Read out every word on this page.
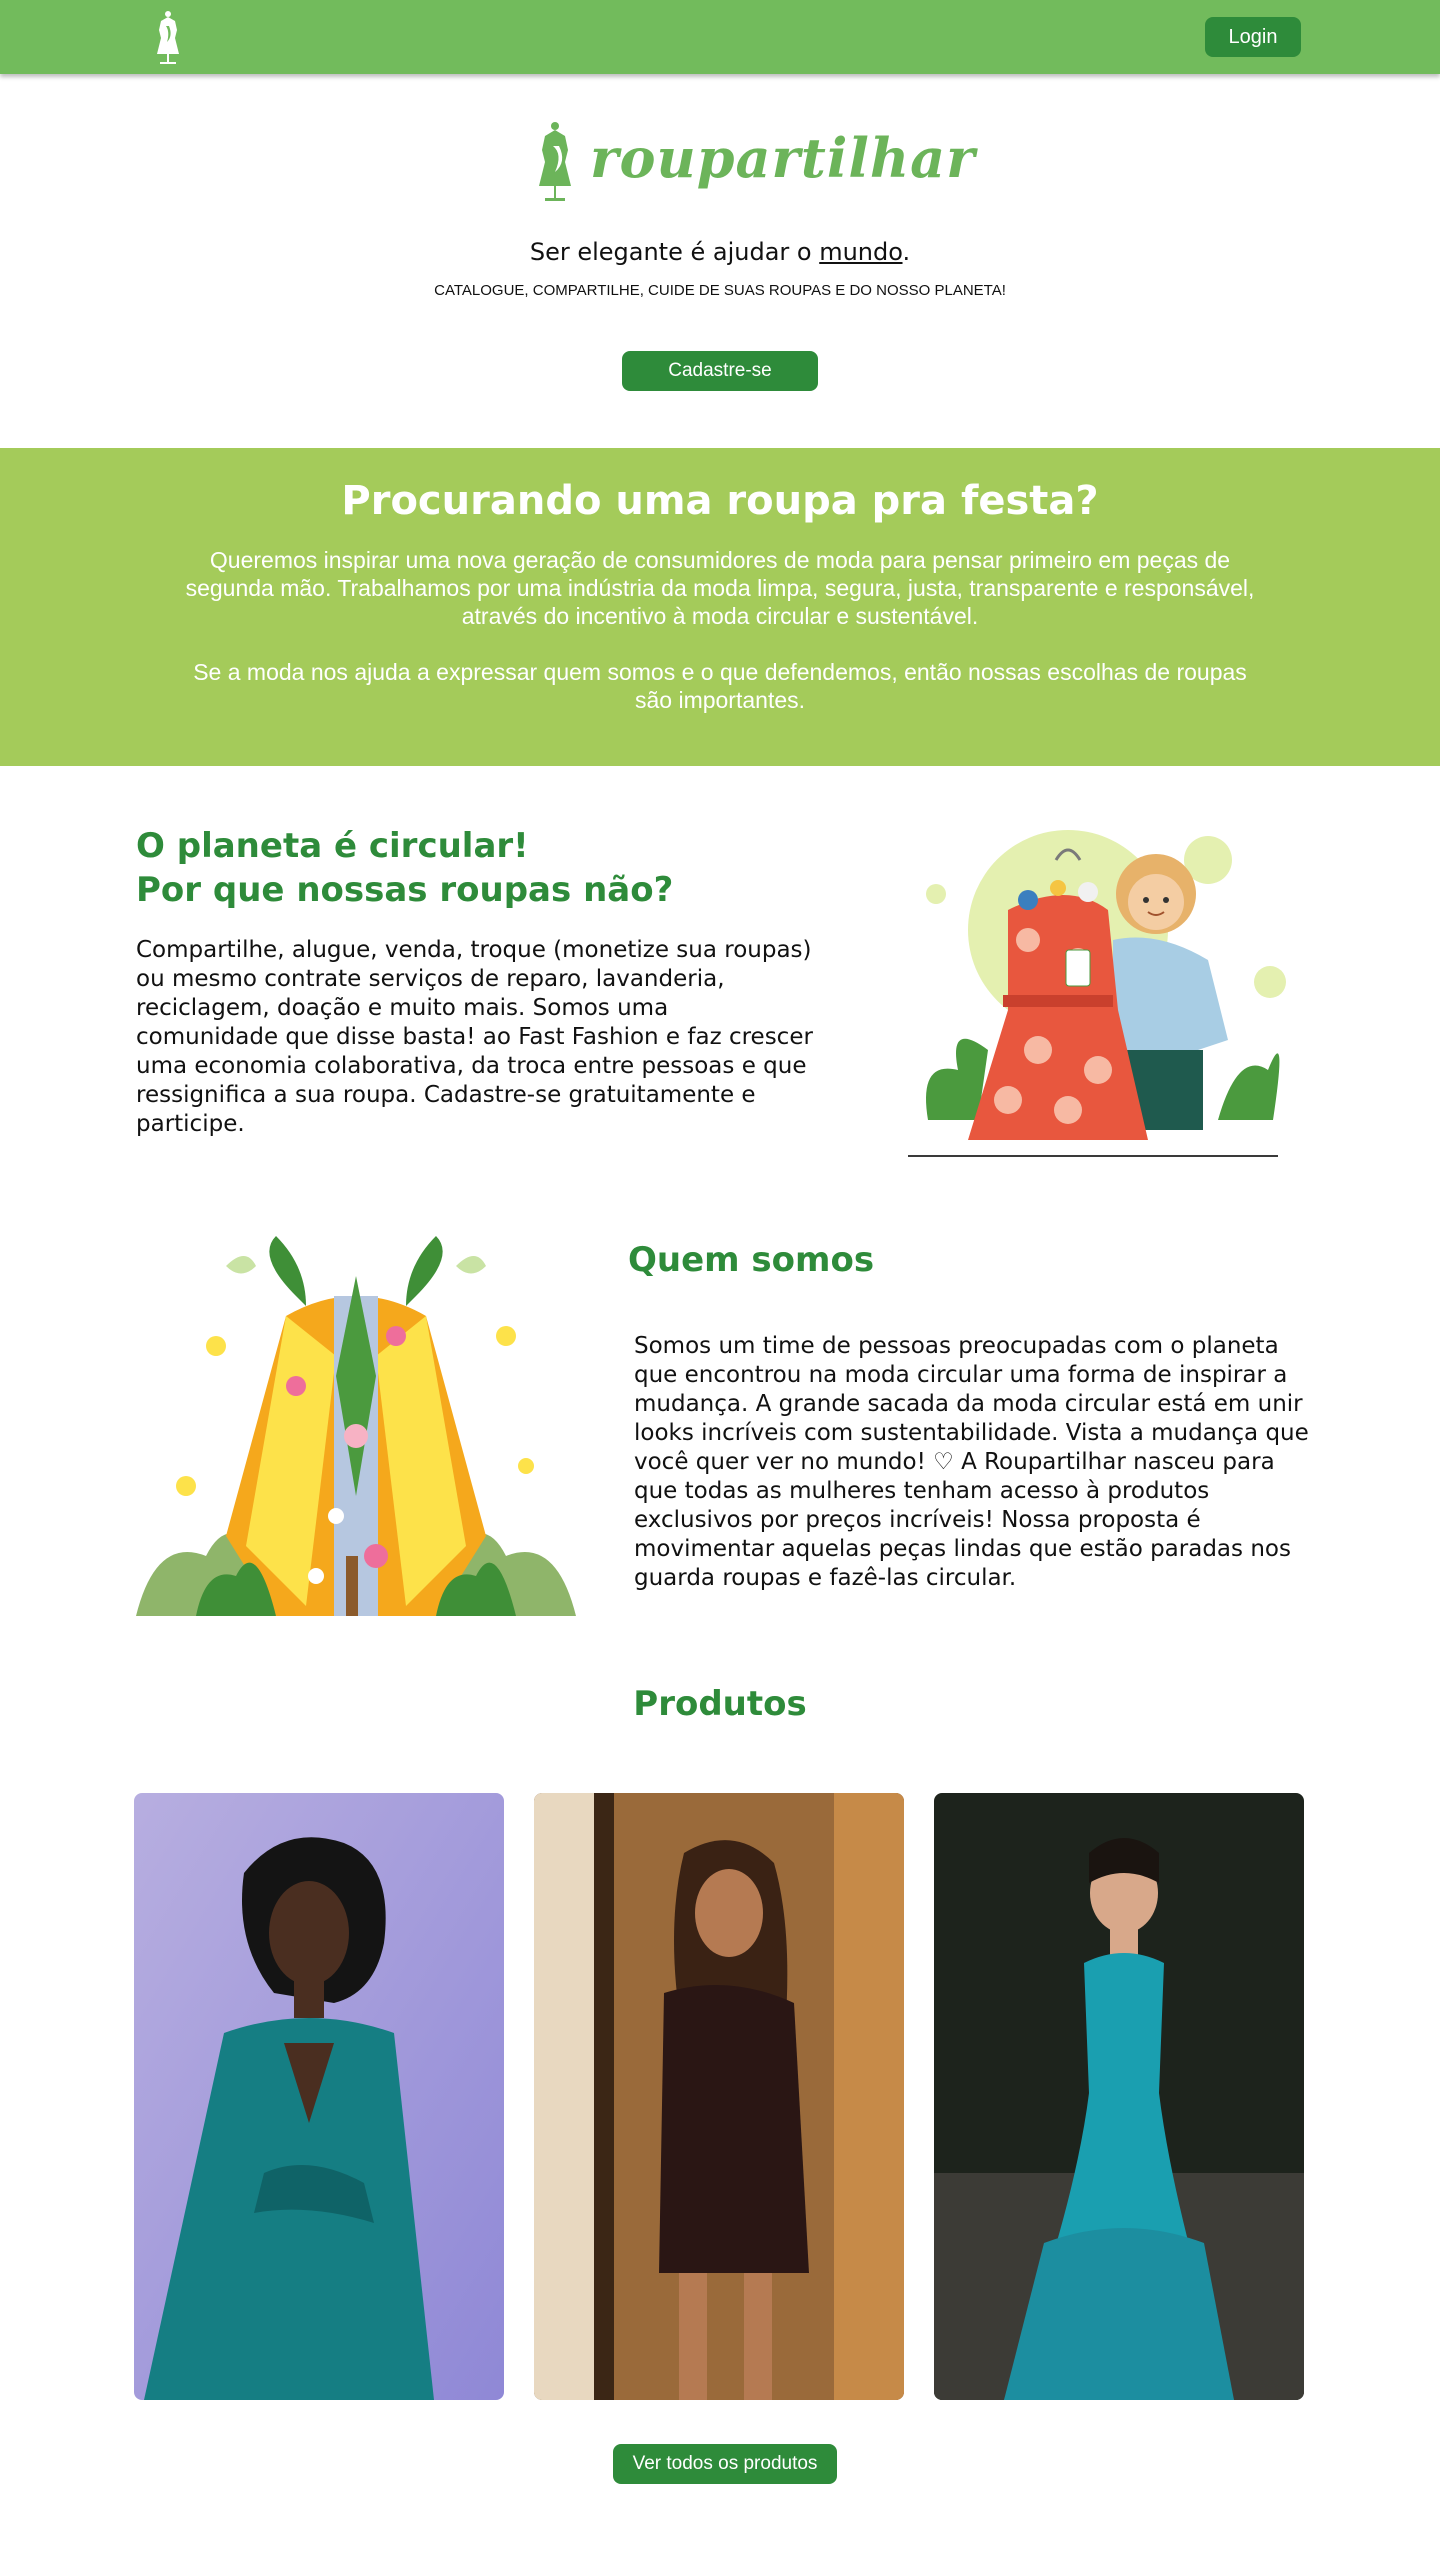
Login
roupartilhar

Ser elegante é ajudar o mundo.

CATALOGUE, COMPARTILHE, CUIDE DE SUAS ROUPAS E DO NOSSO PLANETA!

Cadastre-se
Procurando uma roupa pra festa?

Queremos inspirar uma nova geração de consumidores de moda para pensar primeiro em peças de segunda mão. Trabalhamos por uma indústria da moda limpa, segura, justa, transparente e responsável, através do incentivo à moda circular e sustentável.

Se a moda nos ajuda a expressar quem somos e o que defendemos, então nossas escolhas de roupas são importantes.

O planeta é circular!
Por que nossas roupas não?

Compartilhe, alugue, venda, troque (monetize sua roupas) ou mesmo contrate serviços de reparo, lavanderia, reciclagem, doação e muito mais. Somos uma comunidade que disse basta! ao Fast Fashion e faz crescer uma economia colaborativa, da troca entre pessoas e que ressignifica a sua roupa. Cadastre-se gratuitamente e participe.

Quem somos

Somos um time de pessoas preocupadas com o planeta que encontrou na moda circular uma forma de inspirar a mudança. A grande sacada da moda circular está em unir looks incríveis com sustentabilidade. Vista a mudança que você quer ver no mundo! ♡ A Roupartilhar nasceu para que todas as mulheres tenham acesso à produtos exclusivos por preços incríveis! Nossa proposta é movimentar aquelas peças lindas que estão paradas nos guarda roupas e fazê-las circular.

Produtos
Ver todos os produtos
